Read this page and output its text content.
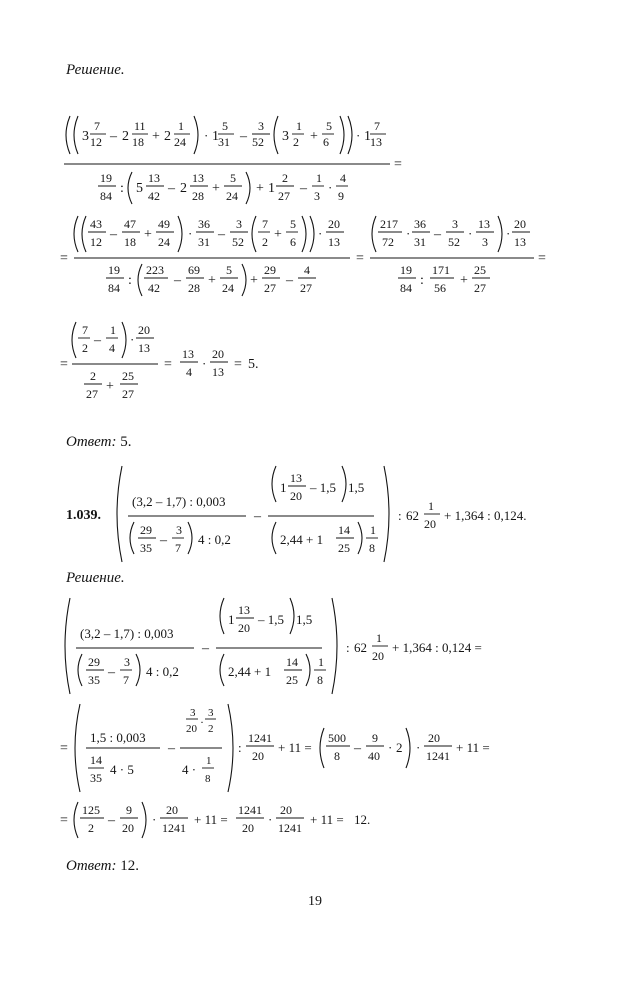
Решение.
3
7
12 – 2
11
18 + 2
1
24 · 1
5
31 –
3
52 3
1
2 +
5
6 · 1
7
13
=
19
84 : 5
13
42 – 2
13
28 +
5
24 + 1
2
27 –
1
3
·
4
9
=
43
12 –
47
18 +
49
24
·
36
31 –
3
52
7
2 +
5
6
·
20
13
19
84 :
223
42 –
69
28 +
5
24 +
29
27 –
4
27
=
217
72
·
36
31 –
3
52
·
13
3
·
20
13
19
84 :
171
56 +
25
27
=
=
7
2 –
1
4
·
20
13
2
27 +
25
27
=
13
4
·
20
13 = 5.
Ответ: 5.
1.039.
(3,2 – 1,7) : 0,003
29
35 –
3
7
4 : 0,2
–
1
13
20
– 1,5 1,5
2,44 + 1
14
25
1
8
: 62
1
20
+ 1,364 : 0,124.
Решение.
(3,2 – 1,7) : 0,003
29
35 –
3
7
4 : 0,2
–
1
13
20
– 1,5 1,5
2,44 + 1
14
25
1
8
: 62
1
20
+ 1,364 : 0,124 =
=
1,5 : 0,003
14
35
4 · 5
–
3
20 ·
3
2
4 ·
1
8
:
1241
20
+ 11 =
500
8 –
9
40
· 2 ·
20
1241
+ 11 =
=
125
2 –
9
20
·
20
1241
+ 11 =
1241
20
·
20
1241
+ 11 = 12.
Ответ: 12.
19
